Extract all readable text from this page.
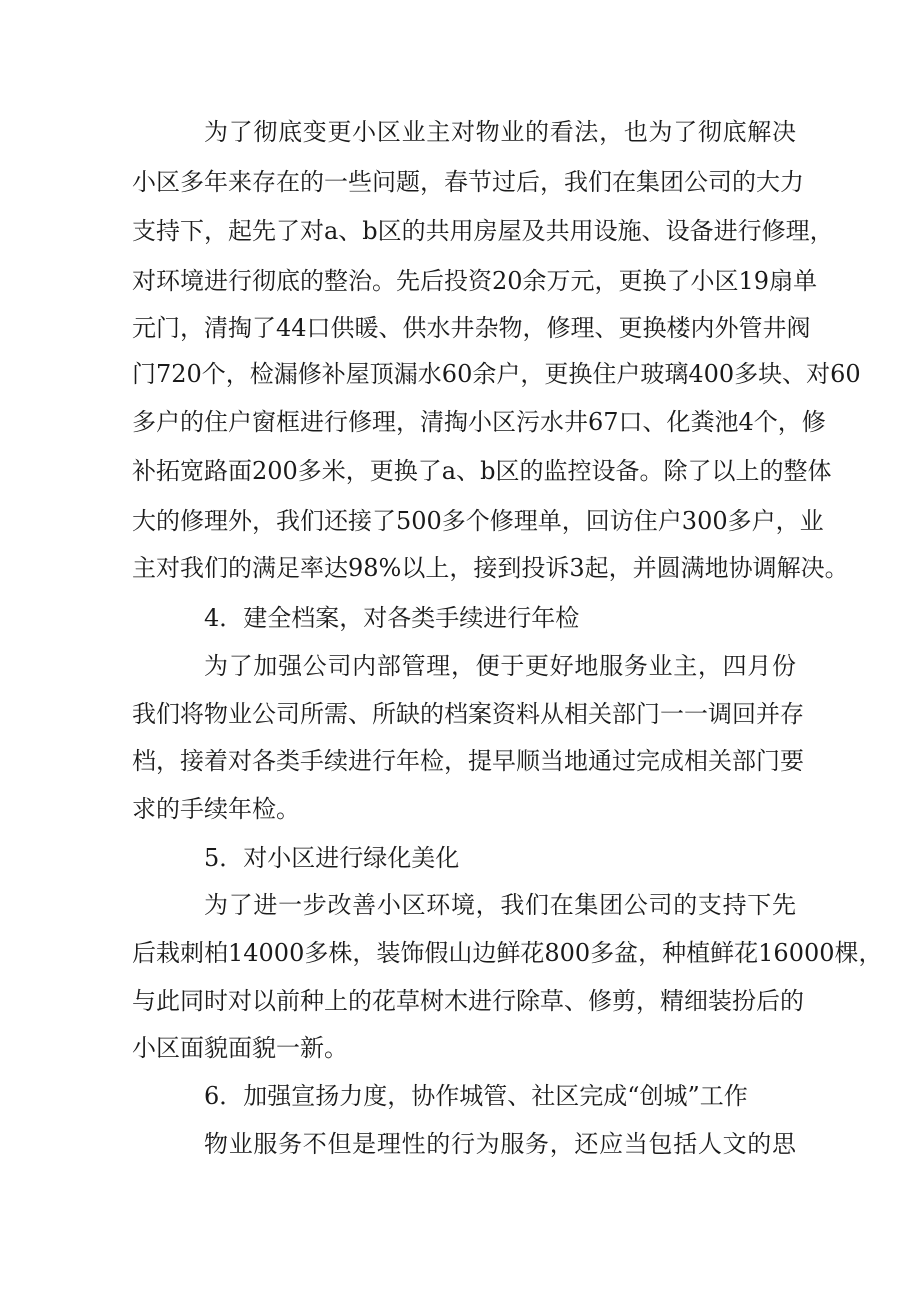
为了彻底变更小区业主对物业的看法，也为了彻底解决
小区多年来存在的一些问题，春节过后，我们在集团公司的大力
支持下，起先了对a、b区的共用房屋及共用设施、设备进行修理，
对环境进行彻底的整治。先后投资20余万元，更换了小区19扇单
元门，清掏了44口供暖、供水井杂物，修理、更换楼内外管井阀
门720个，检漏修补屋顶漏水60余户，更换住户玻璃400多块、对60
多户的住户窗框进行修理，清掏小区污水井67口、化粪池4个，修
补拓宽路面200多米，更换了a、b区的监控设备。除了以上的整体
大的修理外，我们还接了500多个修理单，回访住户300多户，业
主对我们的满足率达98%以上，接到投诉3起，并圆满地协调解决。
4．建全档案，对各类手续进行年检
为了加强公司内部管理，便于更好地服务业主，四月份
我们将物业公司所需、所缺的档案资料从相关部门一一调回并存
档，接着对各类手续进行年检，提早顺当地通过完成相关部门要
求的手续年检。
5．对小区进行绿化美化
为了进一步改善小区环境，我们在集团公司的支持下先
后栽刺柏14000多株，装饰假山边鲜花800多盆，种植鲜花16000棵，
与此同时对以前种上的花草树木进行除草、修剪，精细装扮后的
小区面貌面貌一新。
6．加强宣扬力度，协作城管、社区完成“创城”工作
物业服务不但是理性的行为服务，还应当包括人文的思
